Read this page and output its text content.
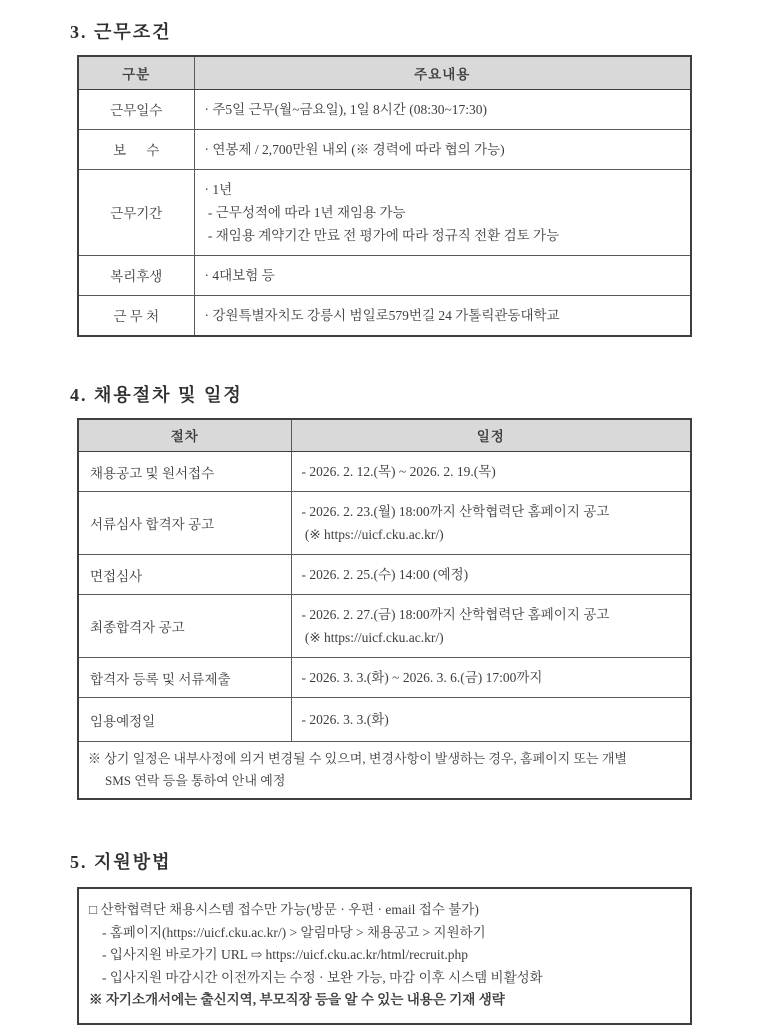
3. 근무조건
구분	주요내용
근무일수	· 주5일 근무(월~금요일), 1일 8시간 (08:30~17:30)

보      수	· 연봉제 / 2,700만원 내외 (※ 경력에 따라 협의 가능)

근무기간	· 1년
- 근무성적에 따라 1년 재임용 가능
- 재임용 계약기간 만료 전 평가에 따라 정규직 전환 검토 가능

복리후생	· 4대보험 등

근 무 처	· 강원특별자치도 강릉시 범일로579번길 24 가톨릭관동대학교
4. 채용절차 및 일정
절차	일정
채용공고 및 원서접수	- 2026. 2. 12.(목) ~ 2026. 2. 19.(목)

서류심사 합격자 공고	- 2026. 2. 23.(월) 18:00까지 산학협력단 홈페이지 공고
(※ https://uicf.cku.ac.kr/)

면접심사	- 2026. 2. 25.(수) 14:00 (예정)

최종합격자 공고	- 2026. 2. 27.(금) 18:00까지 산학협력단 홈페이지 공고
(※ https://uicf.cku.ac.kr/)

합격자 등록 및 서류제출	- 2026. 3. 3.(화) ~ 2026. 3. 6.(금) 17:00까지

임용예정일	- 2026. 3. 3.(화)

※ 상기 일정은 내부사정에 의거 변경될 수 있으며, 변경사항이 발생하는 경우, 홈페이지 또는 개별
SMS 연락 등을 통하여 안내 예정	
5. 지원방법
□ 산학협력단 채용시스템 접수만 가능(방문 · 우편 · email 접수 불가)
- 홈페이지(https://uicf.cku.ac.kr/) > 알림마당 > 채용공고 > 지원하기
- 입사지원 바로가기 URL ⇨ https://uicf.cku.ac.kr/html/recruit.php
- 입사지원 마감시간 이전까지는 수정 · 보완 가능, 마감 이후 시스템 비활성화
※ 자기소개서에는 출신지역, 부모직장 등을 알 수 있는 내용은 기재 생략
